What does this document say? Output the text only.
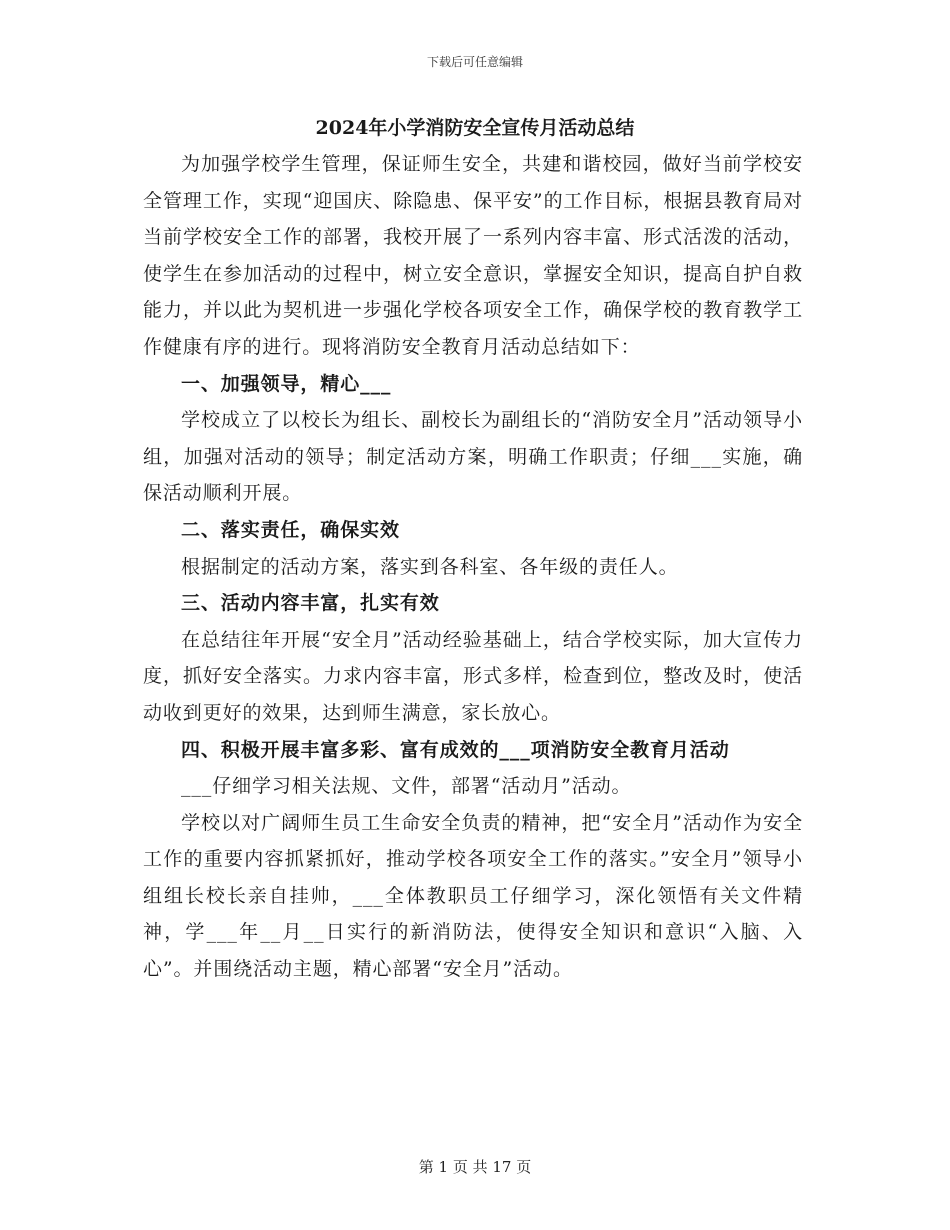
下载后可任意编辑
2024年小学消防安全宣传月活动总结

为加强学校学生管理，保证师生安全，共建和谐校园，做好当前学校安全管理工作，实现“迎国庆、除隐患、保平安”的工作目标，根据县教育局对当前学校安全工作的部署，我校开展了一系列内容丰富、形式活泼的活动，使学生在参加活动的过程中，树立安全意识，掌握安全知识，提高自护自救能力，并以此为契机进一步强化学校各项安全工作，确保学校的教育教学工作健康有序的进行。现将消防安全教育月活动总结如下：

一、加强领导，精心___

学校成立了以校长为组长、副校长为副组长的“消防安全月”活动领导小组，加强对活动的领导；制定活动方案，明确工作职责；仔细___实施，确保活动顺利开展。

二、落实责任，确保实效

根据制定的活动方案，落实到各科室、各年级的责任人。

三、活动内容丰富，扎实有效

在总结往年开展“安全月”活动经验基础上，结合学校实际，加大宣传力度，抓好安全落实。力求内容丰富，形式多样，检查到位，整改及时，使活动收到更好的效果，达到师生满意，家长放心。

四、积极开展丰富多彩、富有成效的___项消防安全教育月活动

___仔细学习相关法规、文件，部署“活动月”活动。

学校以对广阔师生员工生命安全负责的精神，把“安全月”活动作为安全工作的重要内容抓紧抓好，推动学校各项安全工作的落实。”安全月”领导小组组长校长亲自挂帅，___全体教职员工仔细学习，深化领悟有关文件精神，学___年__月__日实行的新消防法，使得安全知识和意识“入脑、入心”。并围绕活动主题，精心部署“安全月”活动。

第 1 页 共 17 页
